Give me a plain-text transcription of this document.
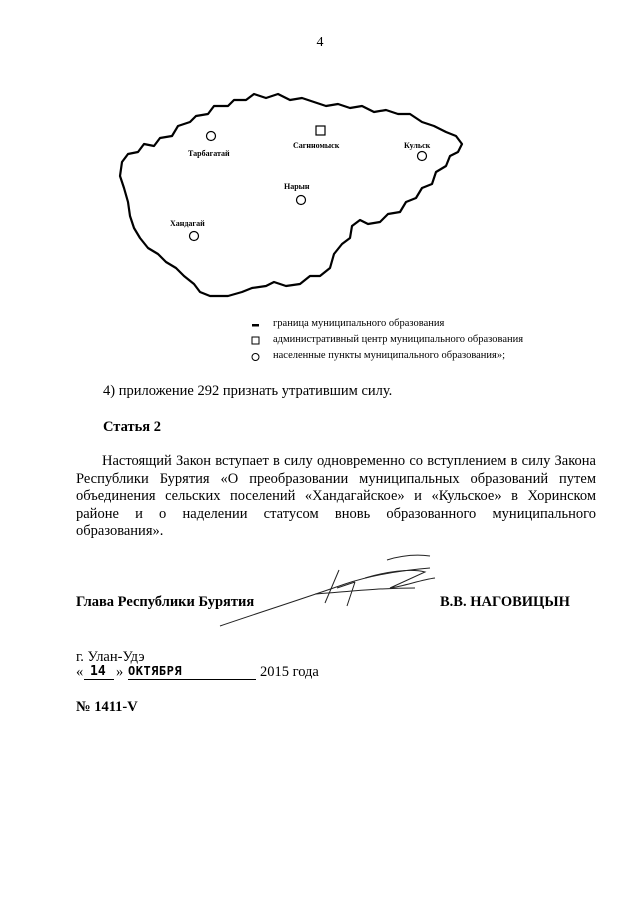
4
Тарбагатай
Сагнномыск	Кульск
Нарын
Хандагай
граница муниципального образования
административный центр муниципального образования
населенные пункты муниципального образования»;
4) приложение 292 признать утратившим силу.
Статья 2
Настоящий Закон вступает в силу одновременно со вступлением в силу Закона Республики Бурятия «О преобразовании муниципальных образований путем объединения сельских поселений «Хандагайское» и «Кульское» в Хоринском районе и о наделении статусом вновь образованного муниципального образования».
Глава Республики Бурятия	В.В. НАГОВИЦЫН
г. Улан-Удэ
« 14 » ОКТЯБРЯ	2015 года
№ 1411-V
